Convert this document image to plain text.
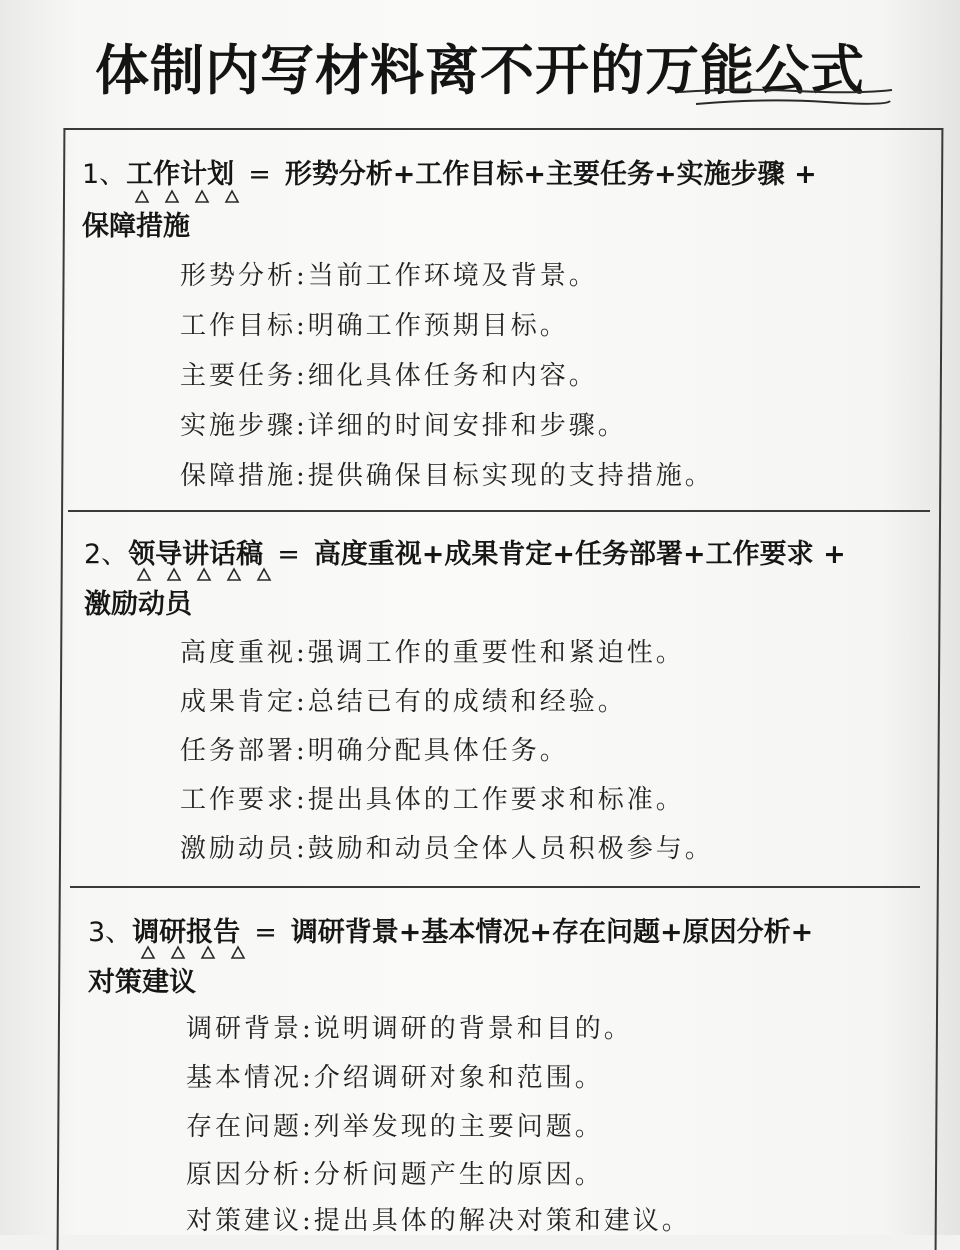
体制内写材料离不开的万能公式
1、工作计划 = 形势分析+工作目标+主要任务+实施步骤 +
保障措施
形势分析:当前工作环境及背景。
工作目标:明确工作预期目标。
主要任务:细化具体任务和内容。
实施步骤:详细的时间安排和步骤。
保障措施:提供确保目标实现的支持措施。
2、领导讲话稿 = 高度重视+成果肯定+任务部署+工作要求 +
激励动员
高度重视:强调工作的重要性和紧迫性。
成果肯定:总结已有的成绩和经验。
任务部署:明确分配具体任务。
工作要求:提出具体的工作要求和标准。
激励动员:鼓励和动员全体人员积极参与。
3、调研报告 = 调研背景+基本情况+存在问题+原因分析+
对策建议
调研背景:说明调研的背景和目的。
基本情况:介绍调研对象和范围。
存在问题:列举发现的主要问题。
原因分析:分析问题产生的原因。
对策建议:提出具体的解决对策和建议。
